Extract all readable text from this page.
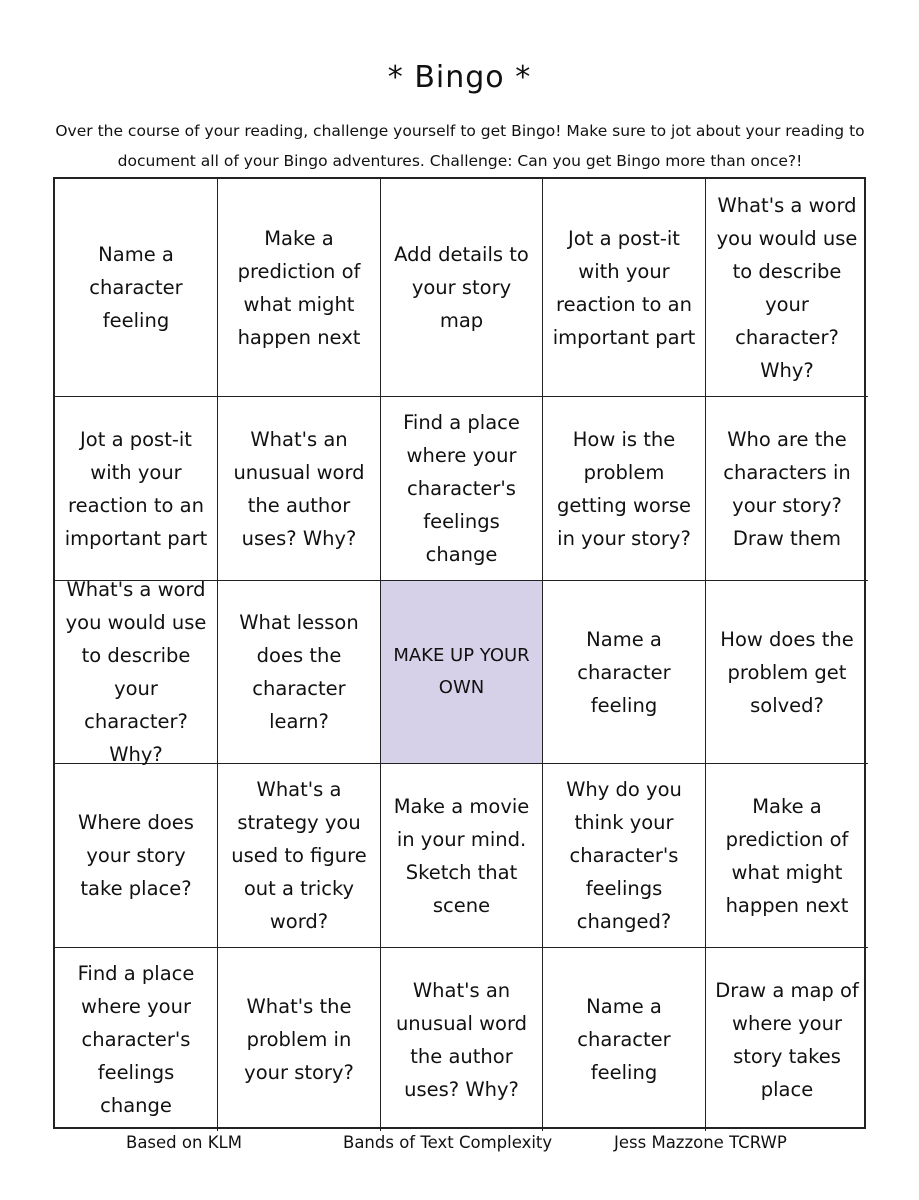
* Bingo *
Over the course of your reading, challenge yourself to get Bingo! Make sure to jot about your reading to document all of your Bingo adventures. Challenge: Can you get Bingo more than once?!
Name a character feeling
Make a prediction of what might happen next
Add details to your story map
Jot a post-it with your reaction to an important part
What's a word you would use to describe your character? Why?
Jot a post-it with your reaction to an important part
What's an unusual word the author uses? Why?
Find a place where your character's feelings change
How is the problem getting worse in your story?
Who are the characters in your story? Draw them
What's a word you would use to describe your character? Why?
What lesson does the character learn?
MAKE UP YOUR OWN
Name a character feeling
How does the problem get solved?
Where does your story take place?
What's a strategy you used to figure out a tricky word?
Make a movie in your mind. Sketch that scene
Why do you think your character's feelings changed?
Make a prediction of what might happen next
Find a place where your character's feelings change
What's the problem in your story?
What's an unusual word the author uses? Why?
Name a character feeling
Draw a map of where your story takes place
Based on KLM	Bands of Text Complexity	Jess Mazzone TCRWP
